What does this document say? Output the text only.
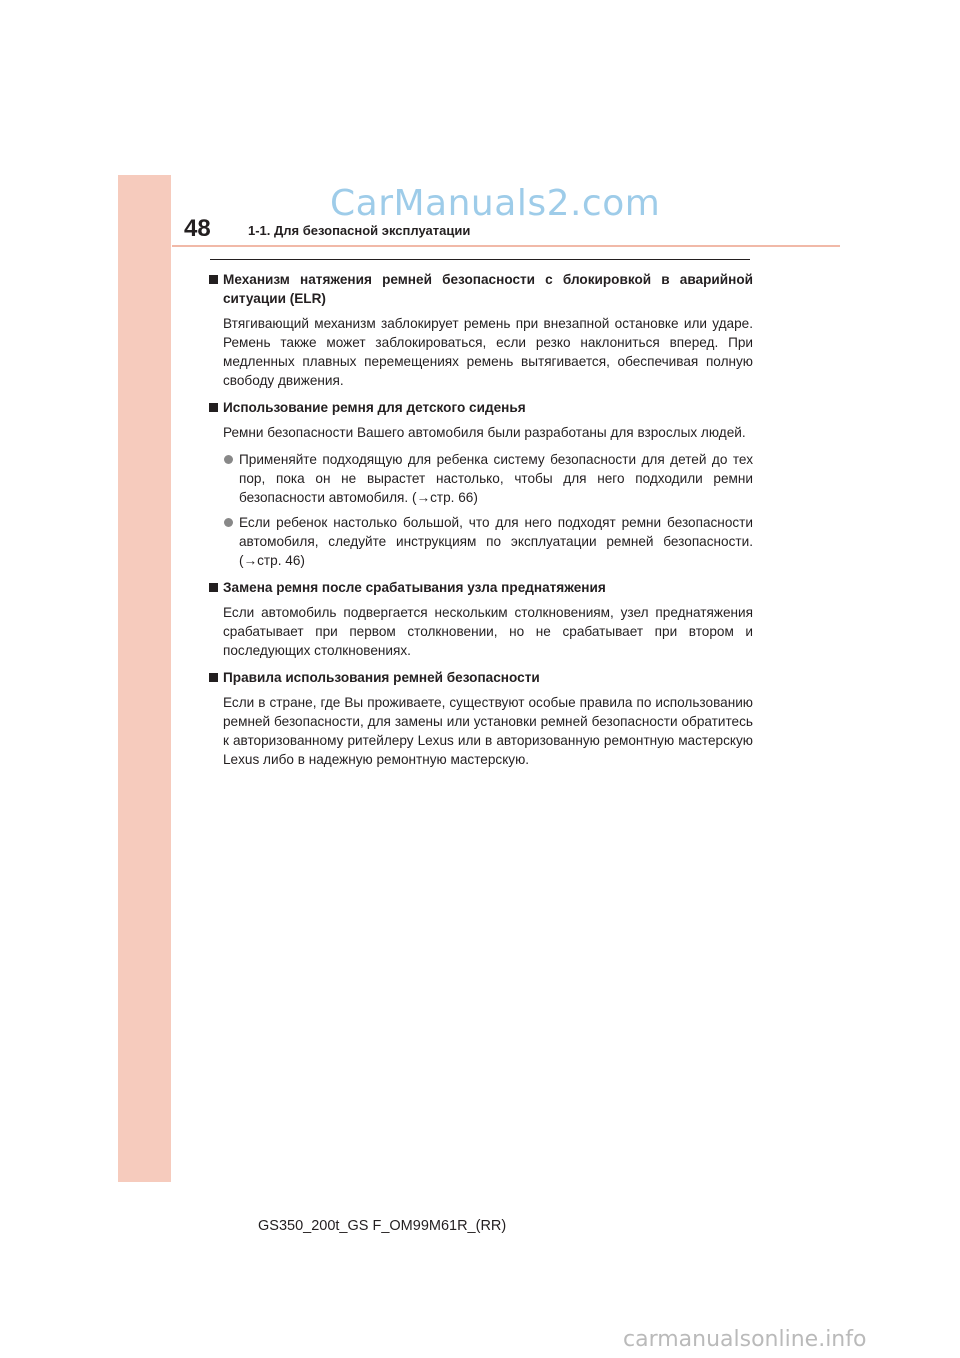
CarManuals2.com
48	1-1. Для безопасной эксплуатации
Механизм натяжения ремней безопасности с блокировкой в аварийной ситуации (ELR)
Втягивающий механизм заблокирует ремень при внезапной остановке или ударе. Ремень также может заблокироваться, если резко наклониться вперед. При медленных плавных перемещениях ремень вытягивается, обеспечивая полную свободу движения.
Использование ремня для детского сиденья
Ремни безопасности Вашего автомобиля были разработаны для взрослых людей.
Применяйте подходящую для ребенка систему безопасности для детей до тех пор, пока он не вырастет настолько, чтобы для него подходили ремни безопасности автомобиля. (→стр. 66)
Если ребенок настолько большой, что для него подходят ремни безопасности автомобиля, следуйте инструкциям по эксплуатации ремней безопасности. (→стр. 46)
Замена ремня после срабатывания узла преднатяжения
Если автомобиль подвергается нескольким столкновениям, узел преднатяжения срабатывает при первом столкновении, но не срабатывает при втором и последующих столкновениях.
Правила использования ремней безопасности
Если в стране, где Вы проживаете, существуют особые правила по использованию ремней безопасности, для замены или установки ремней безопасности обратитесь к авторизованному ритейлеру Lexus или в авторизованную ремонтную мастерскую Lexus либо в надежную ремонтную мастерскую.
GS350_200t_GS F_OM99M61R_(RR)
carmanualsonline.info
